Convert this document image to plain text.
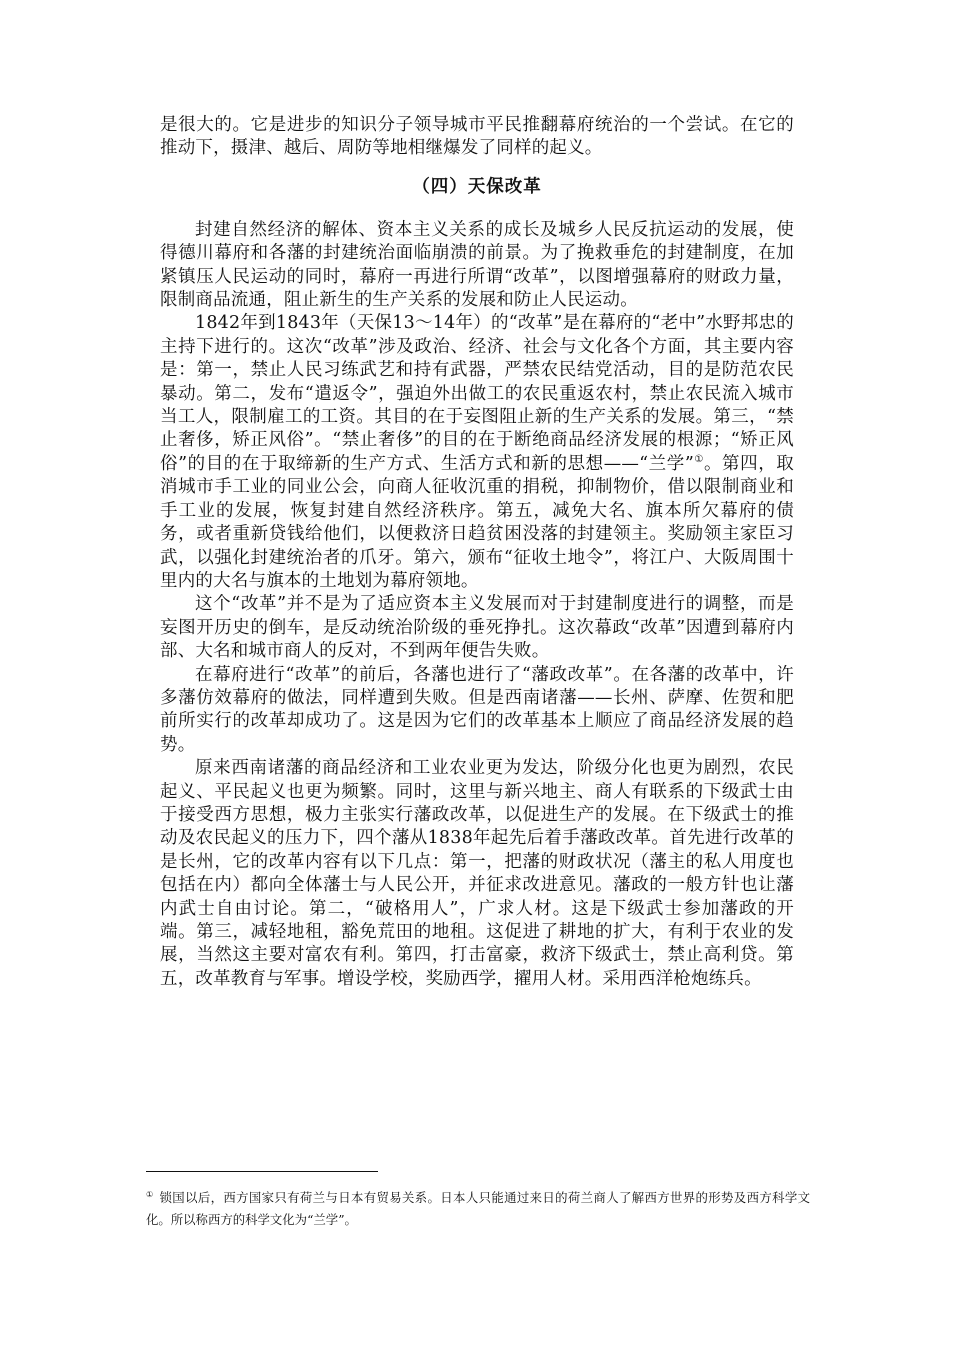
是很大的。它是进步的知识分子领导城市平民推翻幕府统治的一个尝试。在它的推动下，摄津、越后、周防等地相继爆发了同样的起义。

（四）天保改革

封建自然经济的解体、资本主义关系的成长及城乡人民反抗运动的发展，使得德川幕府和各藩的封建统治面临崩溃的前景。为了挽救垂危的封建制度，在加紧镇压人民运动的同时，幕府一再进行所谓“改革”，以图增强幕府的财政力量，限制商品流通，阻止新生的生产关系的发展和防止人民运动。

1842年到1843年（天保13～14年）的“改革”是在幕府的“老中”水野邦忠的主持下进行的。这次“改革”涉及政治、经济、社会与文化各个方面，其主要内容是：第一，禁止人民习练武艺和持有武器，严禁农民结党活动，目的是防范农民暴动。第二，发布“遣返令”，强迫外出做工的农民重返农村，禁止农民流入城市当工人，限制雇工的工资。其目的在于妄图阻止新的生产关系的发展。第三，“禁止奢侈，矫正风俗”。“禁止奢侈”的目的在于断绝商品经济发展的根源；“矫正风俗”的目的在于取缔新的生产方式、生活方式和新的思想——“兰学”①。第四，取消城市手工业的同业公会，向商人征收沉重的捐税，抑制物价，借以限制商业和手工业的发展，恢复封建自然经济秩序。第五，减免大名、旗本所欠幕府的债务，或者重新贷钱给他们，以便救济日趋贫困没落的封建领主。奖励领主家臣习武，以强化封建统治者的爪牙。第六，颁布“征收土地令”，将江户、大阪周围十里内的大名与旗本的土地划为幕府领地。

这个“改革”并不是为了适应资本主义发展而对于封建制度进行的调整，而是妄图开历史的倒车，是反动统治阶级的垂死挣扎。这次幕政“改革”因遭到幕府内部、大名和城市商人的反对，不到两年便告失败。

在幕府进行“改革”的前后，各藩也进行了“藩政改革”。在各藩的改革中，许多藩仿效幕府的做法，同样遭到失败。但是西南诸藩——长州、萨摩、佐贺和肥前所实行的改革却成功了。这是因为它们的改革基本上顺应了商品经济发展的趋势。

原来西南诸藩的商品经济和工业农业更为发达，阶级分化也更为剧烈，农民起义、平民起义也更为频繁。同时，这里与新兴地主、商人有联系的下级武士由于接受西方思想，极力主张实行藩政改革，以促进生产的发展。在下级武士的推动及农民起义的压力下，四个藩从1838年起先后着手藩政改革。首先进行改革的是长州，它的改革内容有以下几点：第一，把藩的财政状况（藩主的私人用度也包括在内）都向全体藩士与人民公开，并征求改进意见。藩政的一般方针也让藩内武士自由讨论。第二，“破格用人”，广求人材。这是下级武士参加藩政的开端。第三，减轻地租，豁免荒田的地租。这促进了耕地的扩大，有利于农业的发展，当然这主要对富农有利。第四，打击富豪，救济下级武士，禁止高利贷。第五，改革教育与军事。增设学校，奖励西学，擢用人材。采用西洋枪炮练兵。

① 锁国以后，西方国家只有荷兰与日本有贸易关系。日本人只能通过来日的荷兰商人了解西方世界的形势及西方科学文化。所以称西方的科学文化为“兰学”。
